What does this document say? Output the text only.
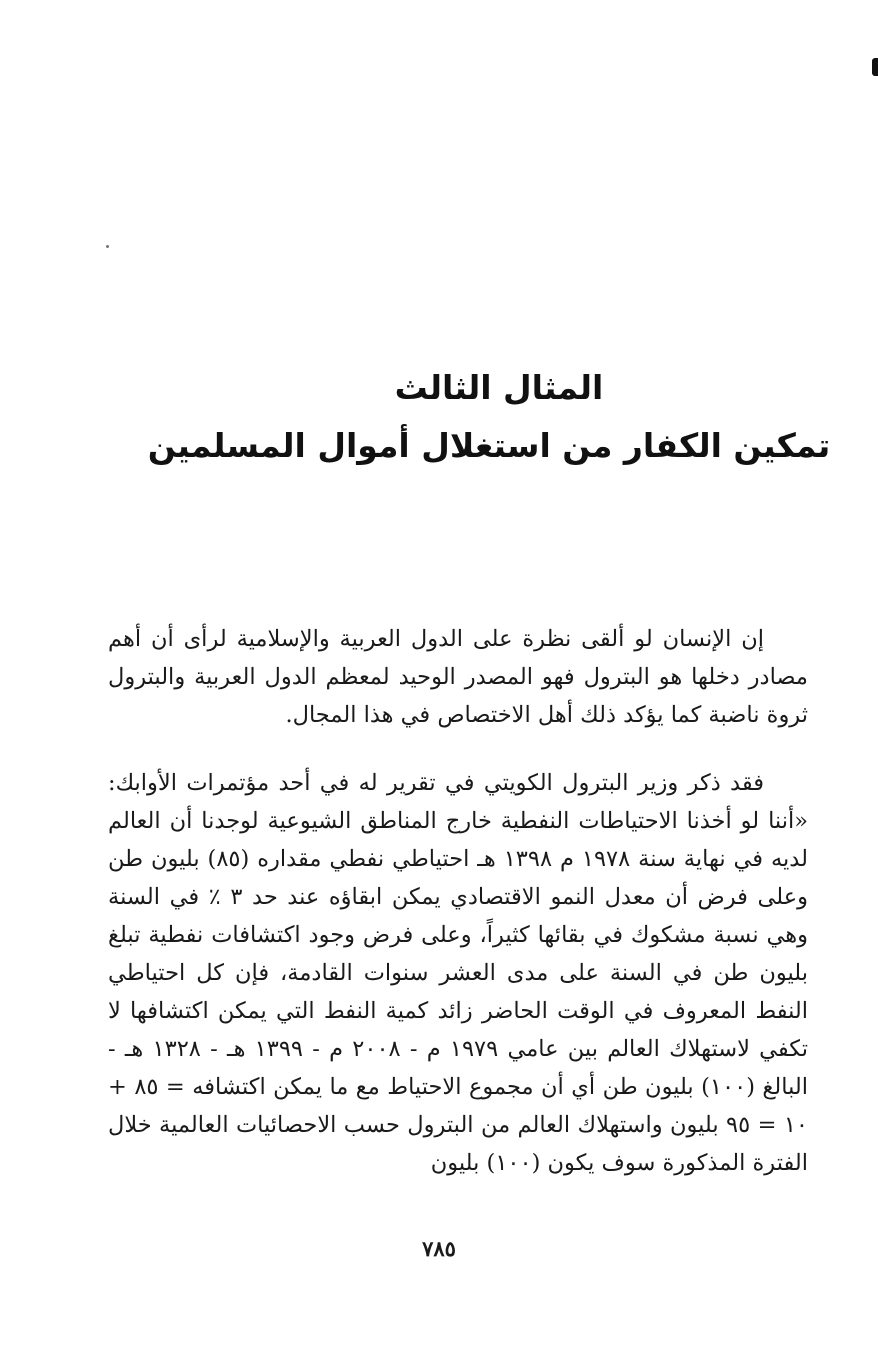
المثال الثالث
تمكين الكفار من استغلال أموال المسلمين

إن الإنسان لو ألقى نظرة على الدول العربية والإسلامية لرأى أن أهم مصادر دخلها هو البترول فهو المصدر الوحيد لمعظم الدول العربية والبترول ثروة ناضبة كما يؤكد ذلك أهل الاختصاص في هذا المجال.

فقد ذكر وزير البترول الكويتي في تقرير له في أحد مؤتمرات الأوابك: «أننا لو أخذنا الاحتياطات النفطية خارج المناطق الشيوعية لوجدنا أن العالم لديه في نهاية سنة ١٩٧٨ م ١٣٩٨ هـ احتياطي نفطي مقداره (٨٥) بليون طن وعلى فرض أن معدل النمو الاقتصادي يمكن ابقاؤه عند حد ٣ ٪ في السنة وهي نسبة مشكوك في بقائها كثيراً، وعلى فرض وجود اكتشافات نفطية تبلغ بليون طن في السنة على مدى العشر سنوات القادمة، فإن كل احتياطي النفط المعروف في الوقت الحاضر زائد كمية النفط التي يمكن اكتشافها لا تكفي لاستهلاك العالم بين عامي ١٩٧٩ م - ٢٠٠٨ م - ١٣٩٩ هـ - ١٣٢٨ هـ - البالغ (١٠٠) بليون طن أي أن مجموع الاحتياط مع ما يمكن اكتشافه = ٨٥ + ١٠ = ٩٥ بليون واستهلاك العالم من البترول حسب الاحصائيات العالمية خلال الفترة المذكورة سوف يكون (١٠٠) بليون

٧٨٥
